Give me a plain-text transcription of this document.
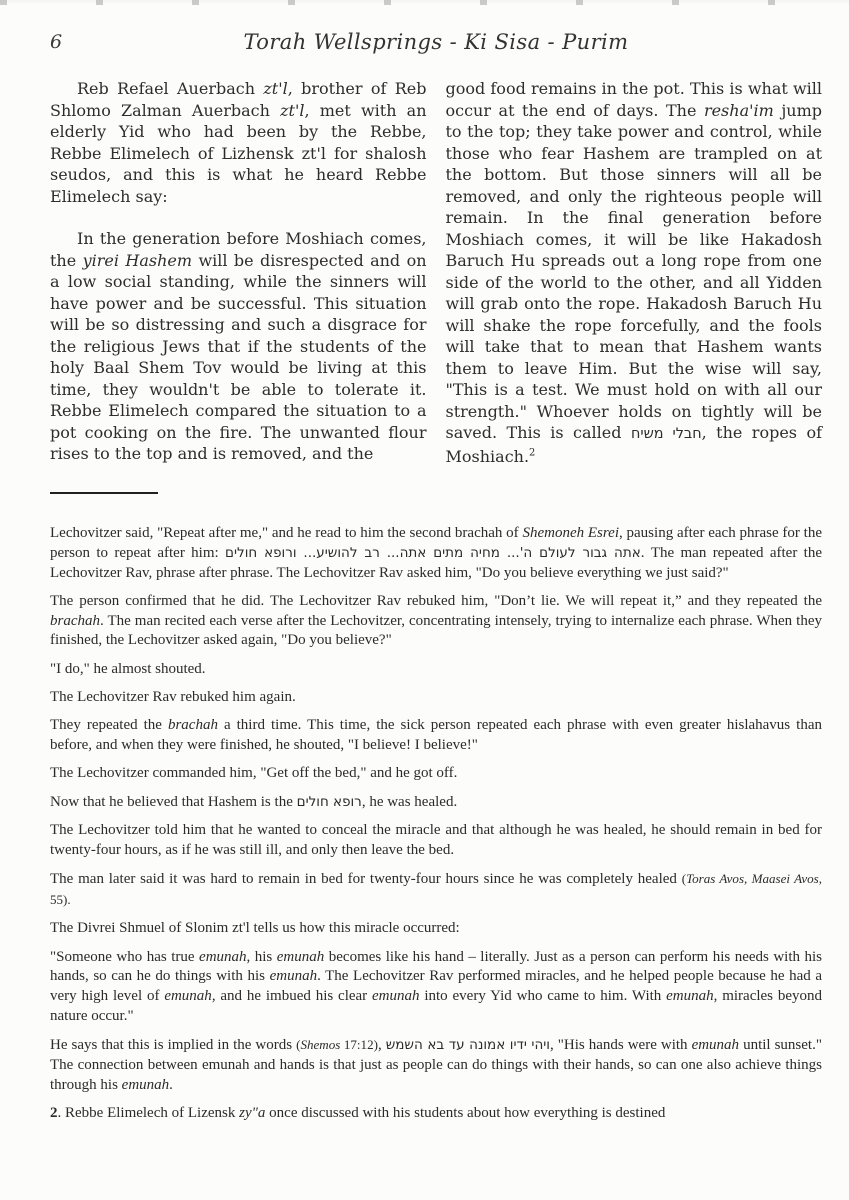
6	Torah Wellsprings - Ki Sisa - Purim

Reb Refael Auerbach zt'l, brother of Reb Shlomo Zalman Auerbach zt'l, met with an elderly Yid who had been by the Rebbe, Rebbe Elimelech of Lizhensk zt'l for shalosh seudos, and this is what he heard Rebbe Elimelech say:

In the generation before Moshiach comes, the yirei Hashem will be disrespected and on a low social standing, while the sinners will have power and be successful. This situation will be so distressing and such a disgrace for the religious Jews that if the students of the holy Baal Shem Tov would be living at this time, they wouldn't be able to tolerate it. Rebbe Elimelech compared the situation to a pot cooking on the fire. The unwanted flour rises to the top and is removed, and the

good food remains in the pot. This is what will occur at the end of days. The resha'im jump to the top; they take power and control, while those who fear Hashem are trampled on at the bottom. But those sinners will all be removed, and only the righteous people will remain. In the final generation before Moshiach comes, it will be like Hakadosh Baruch Hu spreads out a long rope from one side of the world to the other, and all Yidden will grab onto the rope. Hakadosh Baruch Hu will shake the rope forcefully, and the fools will take that to mean that Hashem wants them to leave Him. But the wise will say, "This is a test. We must hold on with all our strength." Whoever holds on tightly will be saved. This is called חבלי משיח, the ropes of Moshiach.$^2$

Lechovitzer said, "Repeat after me," and he read to him the second brachah of Shemoneh Esrei, pausing after each phrase for the person to repeat after him: אתה גבור לעולם ה'... מחיה מתים אתה... רב להושיע... ורופא חולים. The man repeated after the Lechovitzer Rav, phrase after phrase. The Lechovitzer Rav asked him, "Do you believe everything we just said?"

The person confirmed that he did. The Lechovitzer Rav rebuked him, "Don’t lie. We will repeat it,” and they repeated the brachah. The man recited each verse after the Lechovitzer, concentrating intensely, trying to internalize each phrase. When they finished, the Lechovitzer asked again, "Do you believe?"

"I do," he almost shouted.

The Lechovitzer Rav rebuked him again.

They repeated the brachah a third time. This time, the sick person repeated each phrase with even greater hislahavus than before, and when they were finished, he shouted, "I believe! I believe!"

The Lechovitzer commanded him, "Get off the bed," and he got off.

Now that he believed that Hashem is the רופא חולים, he was healed.

The Lechovitzer told him that he wanted to conceal the miracle and that although he was healed, he should remain in bed for twenty-four hours, as if he was still ill, and only then leave the bed.

The man later said it was hard to remain in bed for twenty-four hours since he was completely healed (Toras Avos, Maasei Avos, 55).

The Divrei Shmuel of Slonim zt'l tells us how this miracle occurred:

"Someone who has true emunah, his emunah becomes like his hand – literally. Just as a person can perform his needs with his hands, so can he do things with his emunah. The Lechovitzer Rav performed miracles, and he helped people because he had a very high level of emunah, and he imbued his clear emunah into every Yid who came to him. With emunah, miracles beyond nature occur."

He says that this is implied in the words (Shemos 17:12), ויהי ידיו אמונה עד בא השמש, "His hands were with emunah until sunset." The connection between emunah and hands is that just as people can do things with their hands, so can one also achieve things through his emunah.

2. Rebbe Elimelech of Lizensk zy"a once discussed with his students about how everything is destined
